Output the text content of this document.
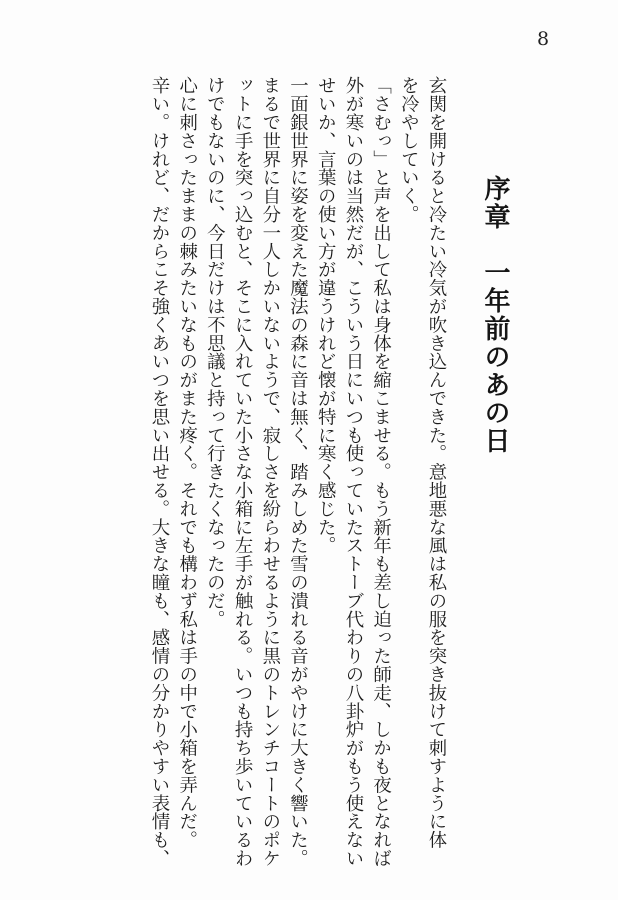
8
序章　一年前のあの日

玄関を開けると冷たい冷気が吹き込んできた。意地悪な風は私の服を突き抜けて刺すように体

を冷やしていく。

「さむっ」と声を出して私は身体を縮こませる。もう新年も差し迫った師走、しかも夜となれば

外が寒いのは当然だが、こういう日にいつも使っていたストーブ代わりの八卦炉がもう使えない

せいか、言葉の使い方が違うけれど懐が特に寒く感じた。

一面銀世界に姿を変えた魔法の森に音は無く、踏みしめた雪の潰れる音がやけに大きく響いた。

まるで世界に自分一人しかいないようで、寂しさを紛らわせるように黒のトレンチコートのポケ

ットに手を突っ込むと、そこに入れていた小さな小箱に左手が触れる。いつも持ち歩いているわ

けでもないのに、今日だけは不思議と持って行きたくなったのだ。

心に刺さったままの棘みたいなものがまた疼く。それでも構わず私は手の中で小箱を弄んだ。

辛い。けれど、だからこそ強くあいつを思い出せる。大きな瞳も、感情の分かりやすい表情も、
